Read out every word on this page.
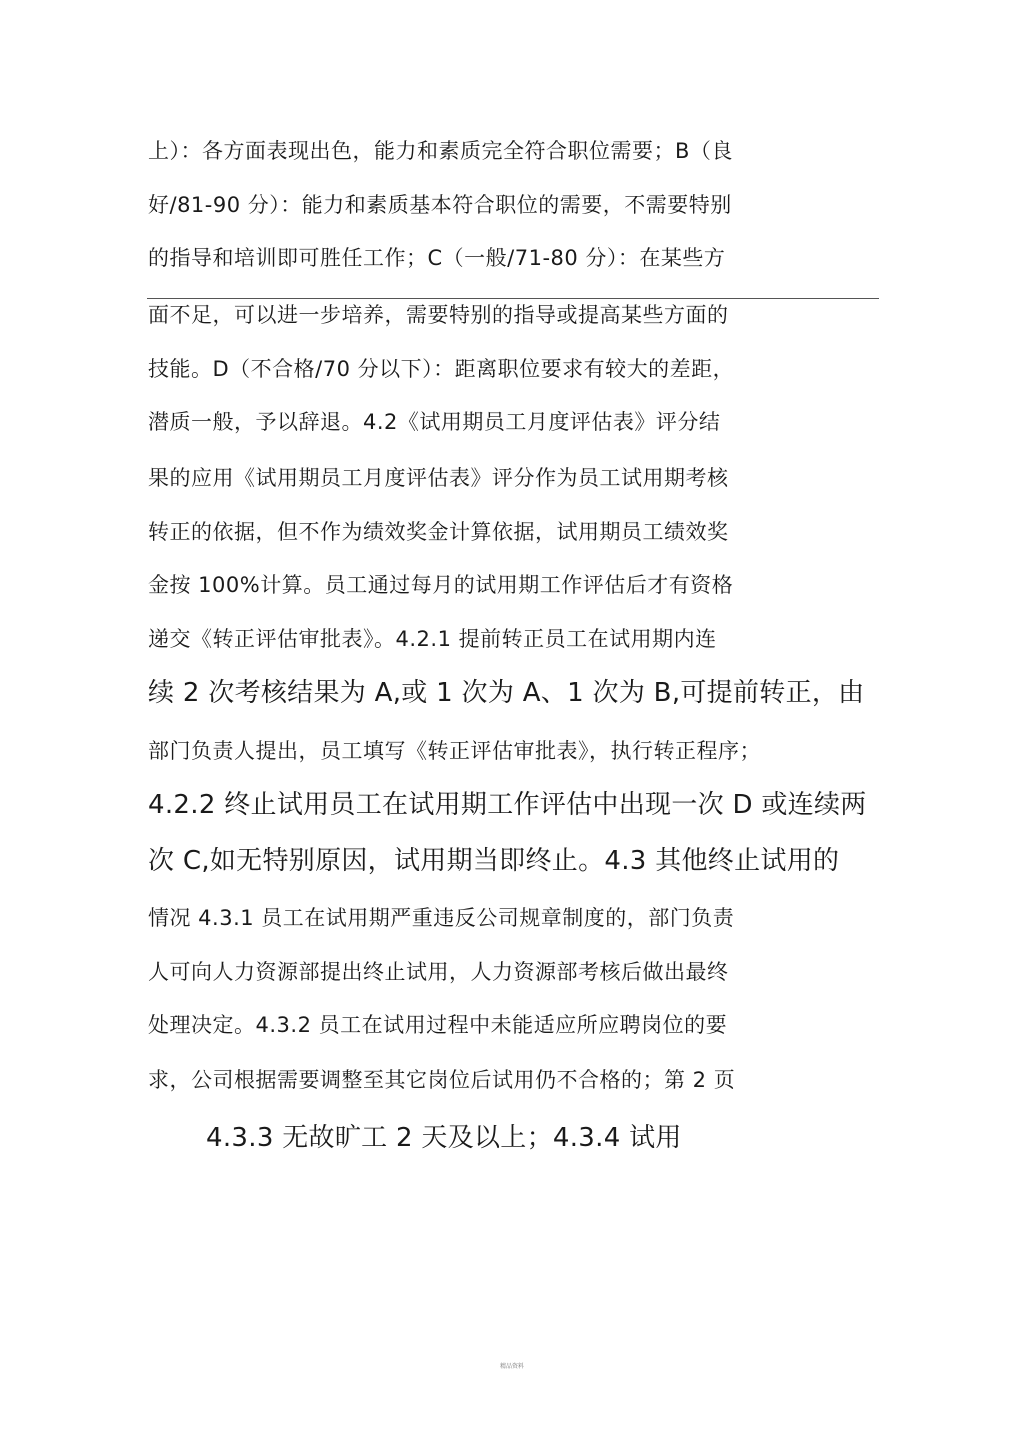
上）：各方面表现出色，能力和素质完全符合职位需要；B（良
好/81-90 分）：能力和素质基本符合职位的需要，不需要特别
的指导和培训即可胜任工作；C（一般/71-80 分）：在某些方
面不足，可以进一步培养，需要特别的指导或提高某些方面的
技能。D（不合格/70 分以下）：距离职位要求有较大的差距，
潜质一般，予以辞退。4.2《试用期员工月度评估表》评分结
果的应用《试用期员工月度评估表》评分作为员工试用期考核
转正的依据，但不作为绩效奖金计算依据，试用期员工绩效奖
金按 100%计算。员工通过每月的试用期工作评估后才有资格
递交《转正评估审批表》。4.2.1 提前转正员工在试用期内连
续 2 次考核结果为 A,或 1 次为 A、1 次为 B,可提前转正，由
部门负责人提出，员工填写《转正评估审批表》，执行转正程序；
4.2.2 终止试用员工在试用期工作评估中出现一次 D 或连续两
次 C,如无特别原因，试用期当即终止。4.3 其他终止试用的
情况 4.3.1 员工在试用期严重违反公司规章制度的，部门负责
人可向人力资源部提出终止试用，人力资源部考核后做出最终
处理决定。4.3.2 员工在试用过程中未能适应所应聘岗位的要
求，公司根据需要调整至其它岗位后试用仍不合格的；第 2 页
4.3.3 无故旷工 2 天及以上；4.3.4 试用
精品资料
